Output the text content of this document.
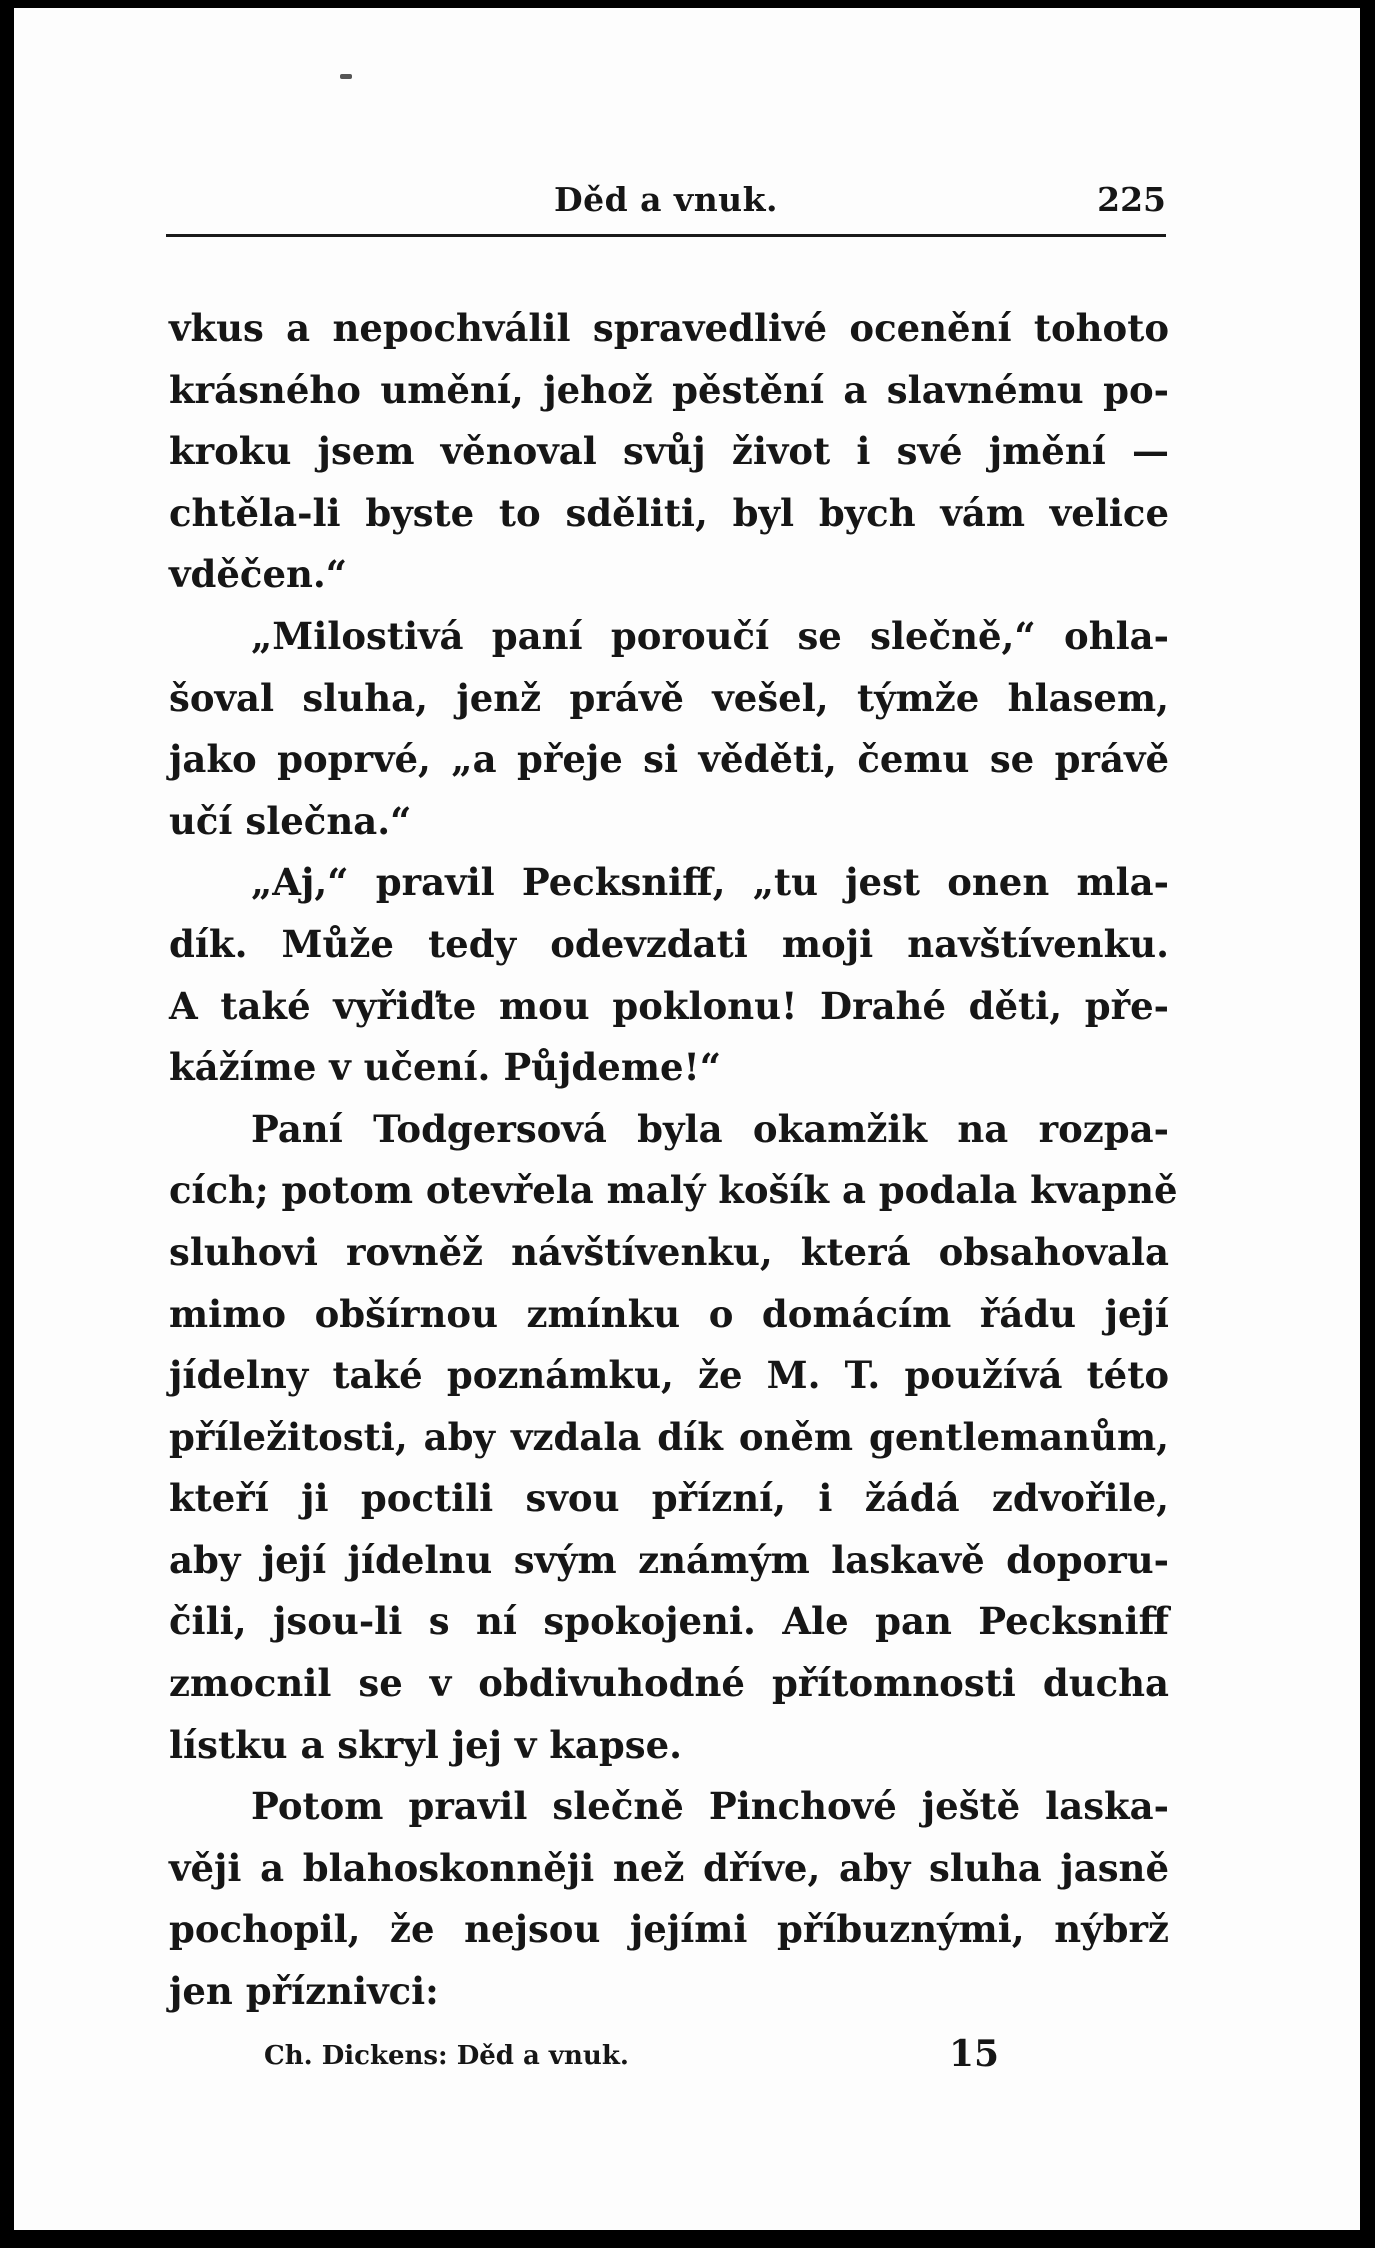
Děd a vnuk.	225
vkus a nepochválil spravedlivé ocenění tohoto
krásného umění, jehož pěstění a slavnému po-
kroku jsem věnoval svůj život i své jmění —
chtěla-li byste to sděliti, byl bych vám velice
vděčen.“
„Milostivá paní poroučí se slečně,“ ohla-
šoval sluha, jenž právě vešel, týmže hlasem,
jako poprvé, „a přeje si věděti, čemu se právě
učí slečna.“
„Aj,“ pravil Pecksniff, „tu jest onen mla-
dík. Může tedy odevzdati moji navštívenku.
A také vyřiďte mou poklonu! Drahé děti, pře-
kážíme v učení. Půjdeme!“
Paní Todgersová byla okamžik na rozpa-
cích; potom otevřela malý košík a podala kvapně
sluhovi rovněž návštívenku, která obsahovala
mimo obšírnou zmínku o domácím řádu její
jídelny také poznámku, že M. T. používá této
příležitosti, aby vzdala dík oněm gentlemanům,
kteří ji poctili svou přízní, i žádá zdvořile,
aby její jídelnu svým známým laskavě doporu-
čili, jsou-li s ní spokojeni. Ale pan Pecksniff
zmocnil se v obdivuhodné přítomnosti ducha
lístku a skryl jej v kapse.
Potom pravil slečně Pinchové ještě laska-
věji a blahoskonněji než dříve, aby sluha jasně
pochopil, že nejsou jejími příbuznými, nýbrž
jen příznivci:
Ch. Dickens: Děd a vnuk.	15
